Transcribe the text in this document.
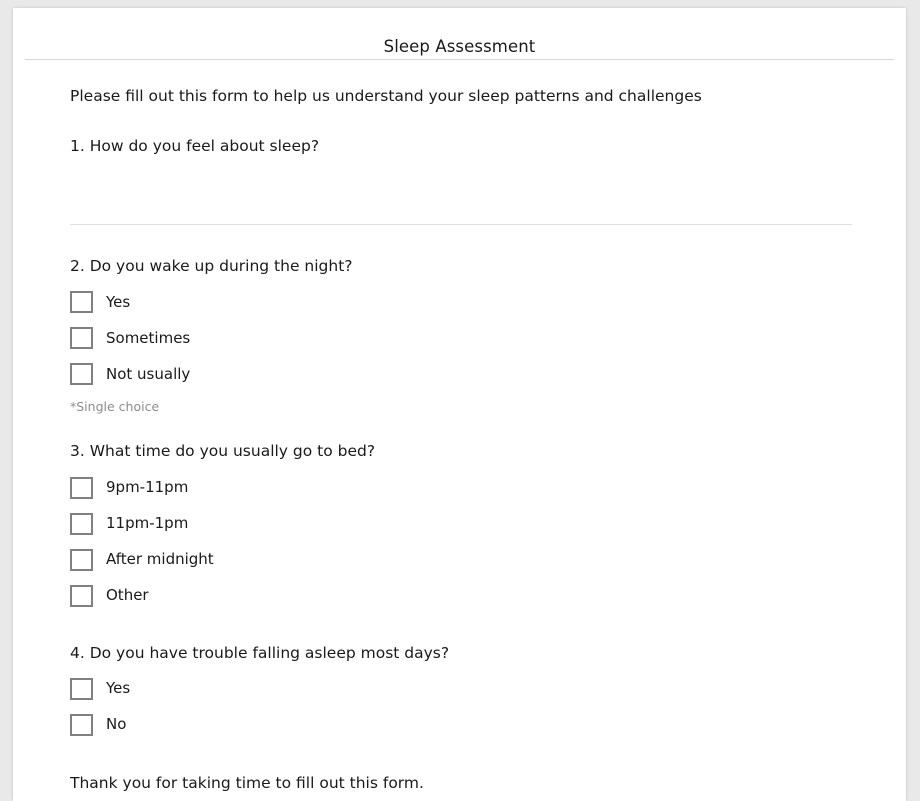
Sleep Assessment

Please fill out this form to help us understand your sleep patterns and challenges

1. How do you feel about sleep?

2. Do you wake up during the night?

Yes
Sometimes
Not usually
*Single choice

3. What time do you usually go to bed?

9pm-11pm
11pm-1pm
After midnight
Other

4. Do you have trouble falling asleep most days?

Yes
No
Thank you for taking time to fill out this form.
